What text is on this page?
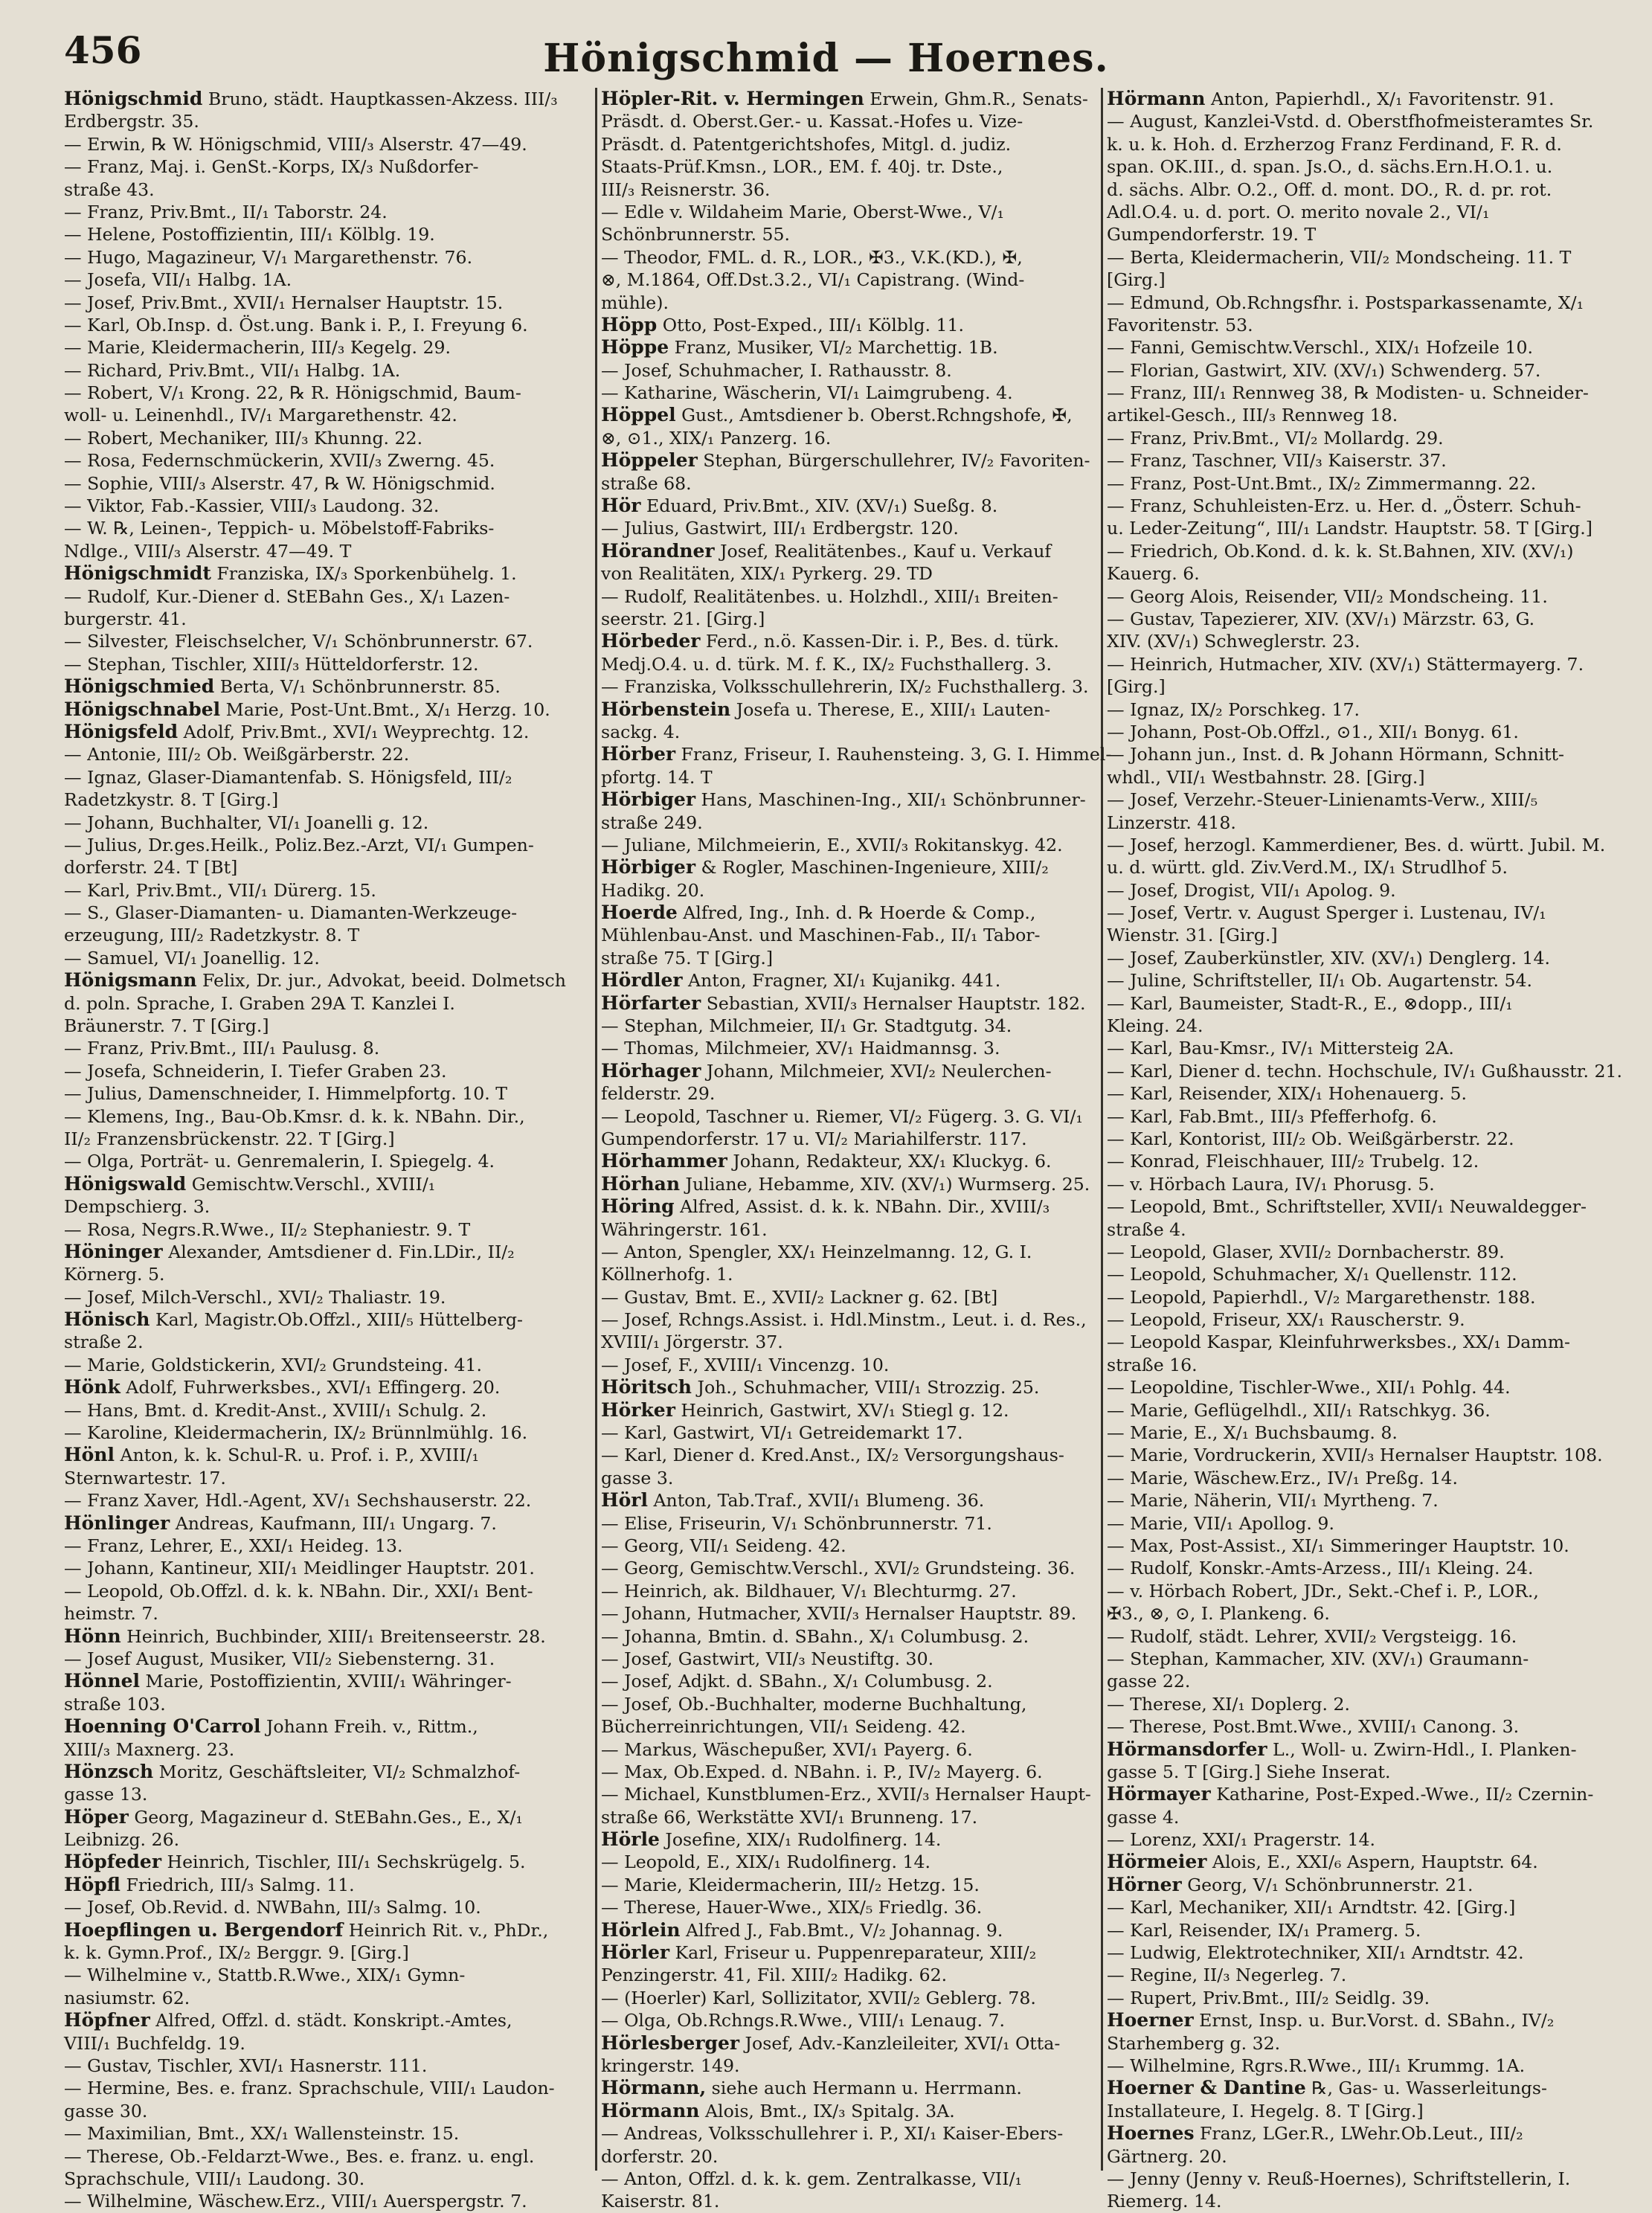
456	Hönigschmid — Hoernes.
Hönigschmid Bruno, städt. Hauptkassen-Akzess. III/₃
Erdbergstr. 35.
— Erwin, ℞ W. Hönigschmid, VIII/₃ Alserstr. 47—49.
— Franz, Maj. i. GenSt.-Korps, IX/₃ Nußdorfer-
straße 43.
— Franz, Priv.Bmt., II/₁ Taborstr. 24.
— Helene, Postoffizientin, III/₁ Kölblg. 19.
— Hugo, Magazineur, V/₁ Margarethenstr. 76.
— Josefa, VII/₁ Halbg. 1A.
— Josef, Priv.Bmt., XVII/₁ Hernalser Hauptstr. 15.
— Karl, Ob.Insp. d. Öst.ung. Bank i. P., I. Freyung 6.
— Marie, Kleidermacherin, III/₃ Kegelg. 29.
— Richard, Priv.Bmt., VII/₁ Halbg. 1A.
— Robert, V/₁ Krong. 22, ℞ R. Hönigschmid, Baum-
woll- u. Leinenhdl., IV/₁ Margarethenstr. 42.
— Robert, Mechaniker, III/₃ Khunng. 22.
— Rosa, Federnschmückerin, XVII/₃ Zwerng. 45.
— Sophie, VIII/₃ Alserstr. 47, ℞ W. Hönigschmid.
— Viktor, Fab.-Kassier, VIII/₃ Laudong. 32.
— W. ℞, Leinen-, Teppich- u. Möbelstoff-Fabriks-
Ndlge., VIII/₃ Alserstr. 47—49. T
Hönigschmidt Franziska, IX/₃ Sporkenbühelg. 1.
— Rudolf, Kur.-Diener d. StEBahn Ges., X/₁ Lazen-
burgerstr. 41.
— Silvester, Fleischselcher, V/₁ Schönbrunnerstr. 67.
— Stephan, Tischler, XIII/₃ Hütteldorferstr. 12.
Hönigschmied Berta, V/₁ Schönbrunnerstr. 85.
Hönigschnabel Marie, Post-Unt.Bmt., X/₁ Herzg. 10.
Hönigsfeld Adolf, Priv.Bmt., XVI/₁ Weyprechtg. 12.
— Antonie, III/₂ Ob. Weißgärberstr. 22.
— Ignaz, Glaser-Diamantenfab. S. Hönigsfeld, III/₂
Radetzkystr. 8. T [Girg.]
— Johann, Buchhalter, VI/₁ Joanelli g. 12.
— Julius, Dr.ges.Heilk., Poliz.Bez.-Arzt, VI/₁ Gumpen-
dorferstr. 24. T [Bt]
— Karl, Priv.Bmt., VII/₁ Dürerg. 15.
— S., Glaser-Diamanten- u. Diamanten-Werkzeuge-
erzeugung, III/₂ Radetzkystr. 8. T
— Samuel, VI/₁ Joanellig. 12.
Hönigsmann Felix, Dr. jur., Advokat, beeid. Dolmetsch
d. poln. Sprache, I. Graben 29A T. Kanzlei I.
Bräunerstr. 7. T [Girg.]
— Franz, Priv.Bmt., III/₁ Paulusg. 8.
— Josefa, Schneiderin, I. Tiefer Graben 23.
— Julius, Damenschneider, I. Himmelpfortg. 10. T
— Klemens, Ing., Bau-Ob.Kmsr. d. k. k. NBahn. Dir.,
II/₂ Franzensbrückenstr. 22. T [Girg.]
— Olga, Porträt- u. Genremalerin, I. Spiegelg. 4.
Hönigswald Gemischtw.Verschl., XVIII/₁
Dempschierg. 3.
— Rosa, Negrs.R.Wwe., II/₂ Stephaniestr. 9. T
Höninger Alexander, Amtsdiener d. Fin.LDir., II/₂
Körnerg. 5.
— Josef, Milch-Verschl., XVI/₂ Thaliastr. 19.
Hönisch Karl, Magistr.Ob.Offzl., XIII/₅ Hüttelberg-
straße 2.
— Marie, Goldstickerin, XVI/₂ Grundsteing. 41.
Hönk Adolf, Fuhrwerksbes., XVI/₁ Effingerg. 20.
— Hans, Bmt. d. Kredit-Anst., XVIII/₁ Schulg. 2.
— Karoline, Kleidermacherin, IX/₂ Brünnlmühlg. 16.
Hönl Anton, k. k. Schul-R. u. Prof. i. P., XVIII/₁
Sternwartestr. 17.
— Franz Xaver, Hdl.-Agent, XV/₁ Sechshauserstr. 22.
Hönlinger Andreas, Kaufmann, III/₁ Ungarg. 7.
— Franz, Lehrer, E., XXI/₁ Heideg. 13.
— Johann, Kantineur, XII/₁ Meidlinger Hauptstr. 201.
— Leopold, Ob.Offzl. d. k. k. NBahn. Dir., XXI/₁ Bent-
heimstr. 7.
Hönn Heinrich, Buchbinder, XIII/₁ Breitenseerstr. 28.
— Josef August, Musiker, VII/₂ Siebensterng. 31.
Hönnel Marie, Postoffizientin, XVIII/₁ Währinger-
straße 103.
Hoenning O'Carrol Johann Freih. v., Rittm.,
XIII/₃ Maxnerg. 23.
Hönzsch Moritz, Geschäftsleiter, VI/₂ Schmalzhof-
gasse 13.
Höper Georg, Magazineur d. StEBahn.Ges., E., X/₁
Leibnizg. 26.
Höpfeder Heinrich, Tischler, III/₁ Sechskrügelg. 5.
Höpfl Friedrich, III/₃ Salmg. 11.
— Josef, Ob.Revid. d. NWBahn, III/₃ Salmg. 10.
Hoepflingen u. Bergendorf Heinrich Rit. v., PhDr.,
k. k. Gymn.Prof., IX/₂ Berggr. 9. [Girg.]
— Wilhelmine v., Stattb.R.Wwe., XIX/₁ Gymn-
nasiumstr. 62.
Höpfner Alfred, Offzl. d. städt. Konskript.-Amtes,
VIII/₁ Buchfeldg. 19.
— Gustav, Tischler, XVI/₁ Hasnerstr. 111.
— Hermine, Bes. e. franz. Sprachschule, VIII/₁ Laudon-
gasse 30.
— Maximilian, Bmt., XX/₁ Wallensteinstr. 15.
— Therese, Ob.-Feldarzt-Wwe., Bes. e. franz. u. engl.
Sprachschule, VIII/₁ Laudong. 30.
— Wilhelmine, Wäschew.Erz., VIII/₁ Auerspergstr. 7.
Höpler-Rit. v. Hermingen Erwein, Ghm.R., Senats-
Präsdt. d. Oberst.Ger.- u. Kassat.-Hofes u. Vize-
Präsdt. d. Patentgerichtshofes, Mitgl. d. judiz.
Staats-Prüf.Kmsn., LOR., EM. f. 40j. tr. Dste.,
III/₃ Reisnerstr. 36.
— Edle v. Wildaheim Marie, Oberst-Wwe., V/₁
Schönbrunnerstr. 55.
— Theodor, FML. d. R., LOR., ✠3., V.K.(KD.), ✠,
⊗, M.1864, Off.Dst.3.2., VI/₁ Capistrang. (Wind-
mühle).
Höpp Otto, Post-Exped., III/₁ Kölblg. 11.
Höppe Franz, Musiker, VI/₂ Marchettig. 1B.
— Josef, Schuhmacher, I. Rathausstr. 8.
— Katharine, Wäscherin, VI/₁ Laimgrubeng. 4.
Höppel Gust., Amtsdiener b. Oberst.Rchngshofe, ✠,
⊗, ⊙1., XIX/₁ Panzerg. 16.
Höppeler Stephan, Bürgerschullehrer, IV/₂ Favoriten-
straße 68.
Hör Eduard, Priv.Bmt., XIV. (XV/₁) Sueßg. 8.
— Julius, Gastwirt, III/₁ Erdbergstr. 120.
Hörandner Josef, Realitätenbes., Kauf u. Verkauf
von Realitäten, XIX/₁ Pyrkerg. 29. TD
— Rudolf, Realitätenbes. u. Holzhdl., XIII/₁ Breiten-
seerstr. 21. [Girg.]
Hörbeder Ferd., n.ö. Kassen-Dir. i. P., Bes. d. türk.
Medj.O.4. u. d. türk. M. f. K., IX/₂ Fuchsthallerg. 3.
— Franziska, Volksschullehrerin, IX/₂ Fuchsthallerg. 3.
Hörbenstein Josefa u. Therese, E., XIII/₁ Lauten-
sackg. 4.
Hörber Franz, Friseur, I. Rauhensteing. 3, G. I. Himmel-
pfortg. 14. T
Hörbiger Hans, Maschinen-Ing., XII/₁ Schönbrunner-
straße 249.
— Juliane, Milchmeierin, E., XVII/₃ Rokitanskyg. 42.
Hörbiger & Rogler, Maschinen-Ingenieure, XIII/₂
Hadikg. 20.
Hoerde Alfred, Ing., Inh. d. ℞ Hoerde & Comp.,
Mühlenbau-Anst. und Maschinen-Fab., II/₁ Tabor-
straße 75. T [Girg.]
Hördler Anton, Fragner, XI/₁ Kujanikg. 441.
Hörfarter Sebastian, XVII/₃ Hernalser Hauptstr. 182.
— Stephan, Milchmeier, II/₁ Gr. Stadtgutg. 34.
— Thomas, Milchmeier, XV/₁ Haidmannsg. 3.
Hörhager Johann, Milchmeier, XVI/₂ Neulerchen-
felderstr. 29.
— Leopold, Taschner u. Riemer, VI/₂ Fügerg. 3. G. VI/₁
Gumpendorferstr. 17 u. VI/₂ Mariahilferstr. 117.
Hörhammer Johann, Redakteur, XX/₁ Kluckyg. 6.
Hörhan Juliane, Hebamme, XIV. (XV/₁) Wurmserg. 25.
Höring Alfred, Assist. d. k. k. NBahn. Dir., XVIII/₃
Währingerstr. 161.
— Anton, Spengler, XX/₁ Heinzelmanng. 12, G. I.
Köllnerhofg. 1.
— Gustav, Bmt. E., XVII/₂ Lackner g. 62. [Bt]
— Josef, Rchngs.Assist. i. Hdl.Minstm., Leut. i. d. Res.,
XVIII/₁ Jörgerstr. 37.
— Josef, F., XVIII/₁ Vincenzg. 10.
Höritsch Joh., Schuhmacher, VIII/₁ Strozzig. 25.
Hörker Heinrich, Gastwirt, XV/₁ Stiegl g. 12.
— Karl, Gastwirt, VI/₁ Getreidemarkt 17.
— Karl, Diener d. Kred.Anst., IX/₂ Versorgungshaus-
gasse 3.
Hörl Anton, Tab.Traf., XVII/₁ Blumeng. 36.
— Elise, Friseurin, V/₁ Schönbrunnerstr. 71.
— Georg, VII/₁ Seideng. 42.
— Georg, Gemischtw.Verschl., XVI/₂ Grundsteing. 36.
— Heinrich, ak. Bildhauer, V/₁ Blechturmg. 27.
— Johann, Hutmacher, XVII/₃ Hernalser Hauptstr. 89.
— Johanna, Bmtin. d. SBahn., X/₁ Columbusg. 2.
— Josef, Gastwirt, VII/₃ Neustiftg. 30.
— Josef, Adjkt. d. SBahn., X/₁ Columbusg. 2.
— Josef, Ob.-Buchhalter, moderne Buchhaltung,
Bücherreinrichtungen, VII/₁ Seideng. 42.
— Markus, Wäschepußer, XVI/₁ Payerg. 6.
— Max, Ob.Exped. d. NBahn. i. P., IV/₂ Mayerg. 6.
— Michael, Kunstblumen-Erz., XVII/₃ Hernalser Haupt-
straße 66, Werkstätte XVI/₁ Brunneng. 17.
Hörle Josefine, XIX/₁ Rudolfinerg. 14.
— Leopold, E., XIX/₁ Rudolfinerg. 14.
— Marie, Kleidermacherin, III/₂ Hetzg. 15.
— Therese, Hauer-Wwe., XIX/₅ Friedlg. 36.
Hörlein Alfred J., Fab.Bmt., V/₂ Johannag. 9.
Hörler Karl, Friseur u. Puppenreparateur, XIII/₂
Penzingerstr. 41, Fil. XIII/₂ Hadikg. 62.
— (Hoerler) Karl, Sollizitator, XVII/₂ Geblerg. 78.
— Olga, Ob.Rchngs.R.Wwe., VIII/₁ Lenaug. 7.
Hörlesberger Josef, Adv.-Kanzleileiter, XVI/₁ Otta-
kringerstr. 149.
Hörmann, siehe auch Hermann u. Herrmann.
Hörmann Alois, Bmt., IX/₃ Spitalg. 3A.
— Andreas, Volksschullehrer i. P., XI/₁ Kaiser-Ebers-
dorferstr. 20.
— Anton, Offzl. d. k. k. gem. Zentralkasse, VII/₁
Kaiserstr. 81.
Hörmann Anton, Papierhdl., X/₁ Favoritenstr. 91.
— August, Kanzlei-Vstd. d. Oberstfhofmeisteramtes Sr.
k. u. k. Hoh. d. Erzherzog Franz Ferdinand, F. R. d.
span. OK.III., d. span. Js.O., d. sächs.Ern.H.O.1. u.
d. sächs. Albr. O.2., Off. d. mont. DO., R. d. pr. rot.
Adl.O.4. u. d. port. O. merito novale 2., VI/₁
Gumpendorferstr. 19. T
— Berta, Kleidermacherin, VII/₂ Mondscheing. 11. T
[Girg.]
— Edmund, Ob.Rchngsfhr. i. Postsparkassenamte, X/₁
Favoritenstr. 53.
— Fanni, Gemischtw.Verschl., XIX/₁ Hofzeile 10.
— Florian, Gastwirt, XIV. (XV/₁) Schwenderg. 57.
— Franz, III/₁ Rennweg 38, ℞ Modisten- u. Schneider-
artikel-Gesch., III/₃ Rennweg 18.
— Franz, Priv.Bmt., VI/₂ Mollardg. 29.
— Franz, Taschner, VII/₃ Kaiserstr. 37.
— Franz, Post-Unt.Bmt., IX/₂ Zimmermanng. 22.
— Franz, Schuhleisten-Erz. u. Her. d. „Österr. Schuh-
u. Leder-Zeitung“, III/₁ Landstr. Hauptstr. 58. T [Girg.]
— Friedrich, Ob.Kond. d. k. k. St.Bahnen, XIV. (XV/₁)
Kauerg. 6.
— Georg Alois, Reisender, VII/₂ Mondscheing. 11.
— Gustav, Tapezierer, XIV. (XV/₁) Märzstr. 63, G.
XIV. (XV/₁) Schweglerstr. 23.
— Heinrich, Hutmacher, XIV. (XV/₁) Stättermayerg. 7.
[Girg.]
— Ignaz, IX/₂ Porschkeg. 17.
— Johann, Post-Ob.Offzl., ⊙1., XII/₁ Bonyg. 61.
— Johann jun., Inst. d. ℞ Johann Hörmann, Schnitt-
whdl., VII/₁ Westbahnstr. 28. [Girg.]
— Josef, Verzehr.-Steuer-Linienamts-Verw., XIII/₅
Linzerstr. 418.
— Josef, herzogl. Kammerdiener, Bes. d. württ. Jubil. M.
u. d. württ. gld. Ziv.Verd.M., IX/₁ Strudlhof 5.
— Josef, Drogist, VII/₁ Apolog. 9.
— Josef, Vertr. v. August Sperger i. Lustenau, IV/₁
Wienstr. 31. [Girg.]
— Josef, Zauberkünstler, XIV. (XV/₁) Denglerg. 14.
— Juline, Schriftsteller, II/₁ Ob. Augartenstr. 54.
— Karl, Baumeister, Stadt-R., E., ⊗dopp., III/₁
Kleing. 24.
— Karl, Bau-Kmsr., IV/₁ Mittersteig 2A.
— Karl, Diener d. techn. Hochschule, IV/₁ Gußhausstr. 21.
— Karl, Reisender, XIX/₁ Hohenauerg. 5.
— Karl, Fab.Bmt., III/₃ Pfefferhofg. 6.
— Karl, Kontorist, III/₂ Ob. Weißgärberstr. 22.
— Konrad, Fleischhauer, III/₂ Trubelg. 12.
— v. Hörbach Laura, IV/₁ Phorusg. 5.
— Leopold, Bmt., Schriftsteller, XVII/₁ Neuwaldegger-
straße 4.
— Leopold, Glaser, XVII/₂ Dornbacherstr. 89.
— Leopold, Schuhmacher, X/₁ Quellenstr. 112.
— Leopold, Papierhdl., V/₂ Margarethenstr. 188.
— Leopold, Friseur, XX/₁ Rauscherstr. 9.
— Leopold Kaspar, Kleinfuhrwerksbes., XX/₁ Damm-
straße 16.
— Leopoldine, Tischler-Wwe., XII/₁ Pohlg. 44.
— Marie, Geflügelhdl., XII/₁ Ratschkyg. 36.
— Marie, E., X/₁ Buchsbaumg. 8.
— Marie, Vordruckerin, XVII/₃ Hernalser Hauptstr. 108.
— Marie, Wäschew.Erz., IV/₁ Preßg. 14.
— Marie, Näherin, VII/₁ Myrtheng. 7.
— Marie, VII/₁ Apollog. 9.
— Max, Post-Assist., XI/₁ Simmeringer Hauptstr. 10.
— Rudolf, Konskr.-Amts-Arzess., III/₁ Kleing. 24.
— v. Hörbach Robert, JDr., Sekt.-Chef i. P., LOR.,
✠3., ⊗, ⊙, I. Plankeng. 6.
— Rudolf, städt. Lehrer, XVII/₂ Vergsteigg. 16.
— Stephan, Kammacher, XIV. (XV/₁) Graumann-
gasse 22.
— Therese, XI/₁ Doplerg. 2.
— Therese, Post.Bmt.Wwe., XVIII/₁ Canong. 3.
Hörmansdorfer L., Woll- u. Zwirn-Hdl., I. Planken-
gasse 5. T [Girg.] Siehe Inserat.
Hörmayer Katharine, Post-Exped.-Wwe., II/₂ Czernin-
gasse 4.
— Lorenz, XXI/₁ Pragerstr. 14.
Hörmeier Alois, E., XXI/₆ Aspern, Hauptstr. 64.
Hörner Georg, V/₁ Schönbrunnerstr. 21.
— Karl, Mechaniker, XII/₁ Arndtstr. 42. [Girg.]
— Karl, Reisender, IX/₁ Pramerg. 5.
— Ludwig, Elektrotechniker, XII/₁ Arndtstr. 42.
— Regine, II/₃ Negerleg. 7.
— Rupert, Priv.Bmt., III/₂ Seidlg. 39.
Hoerner Ernst, Insp. u. Bur.Vorst. d. SBahn., IV/₂
Starhemberg g. 32.
— Wilhelmine, Rgrs.R.Wwe., III/₁ Krummg. 1A.
Hoerner & Dantine ℞, Gas- u. Wasserleitungs-
Installateure, I. Hegelg. 8. T [Girg.]
Hoernes Franz, LGer.R., LWehr.Ob.Leut., III/₂
Gärtnerg. 20.
— Jenny (Jenny v. Reuß-Hoernes), Schriftstellerin, I.
Riemerg. 14.
